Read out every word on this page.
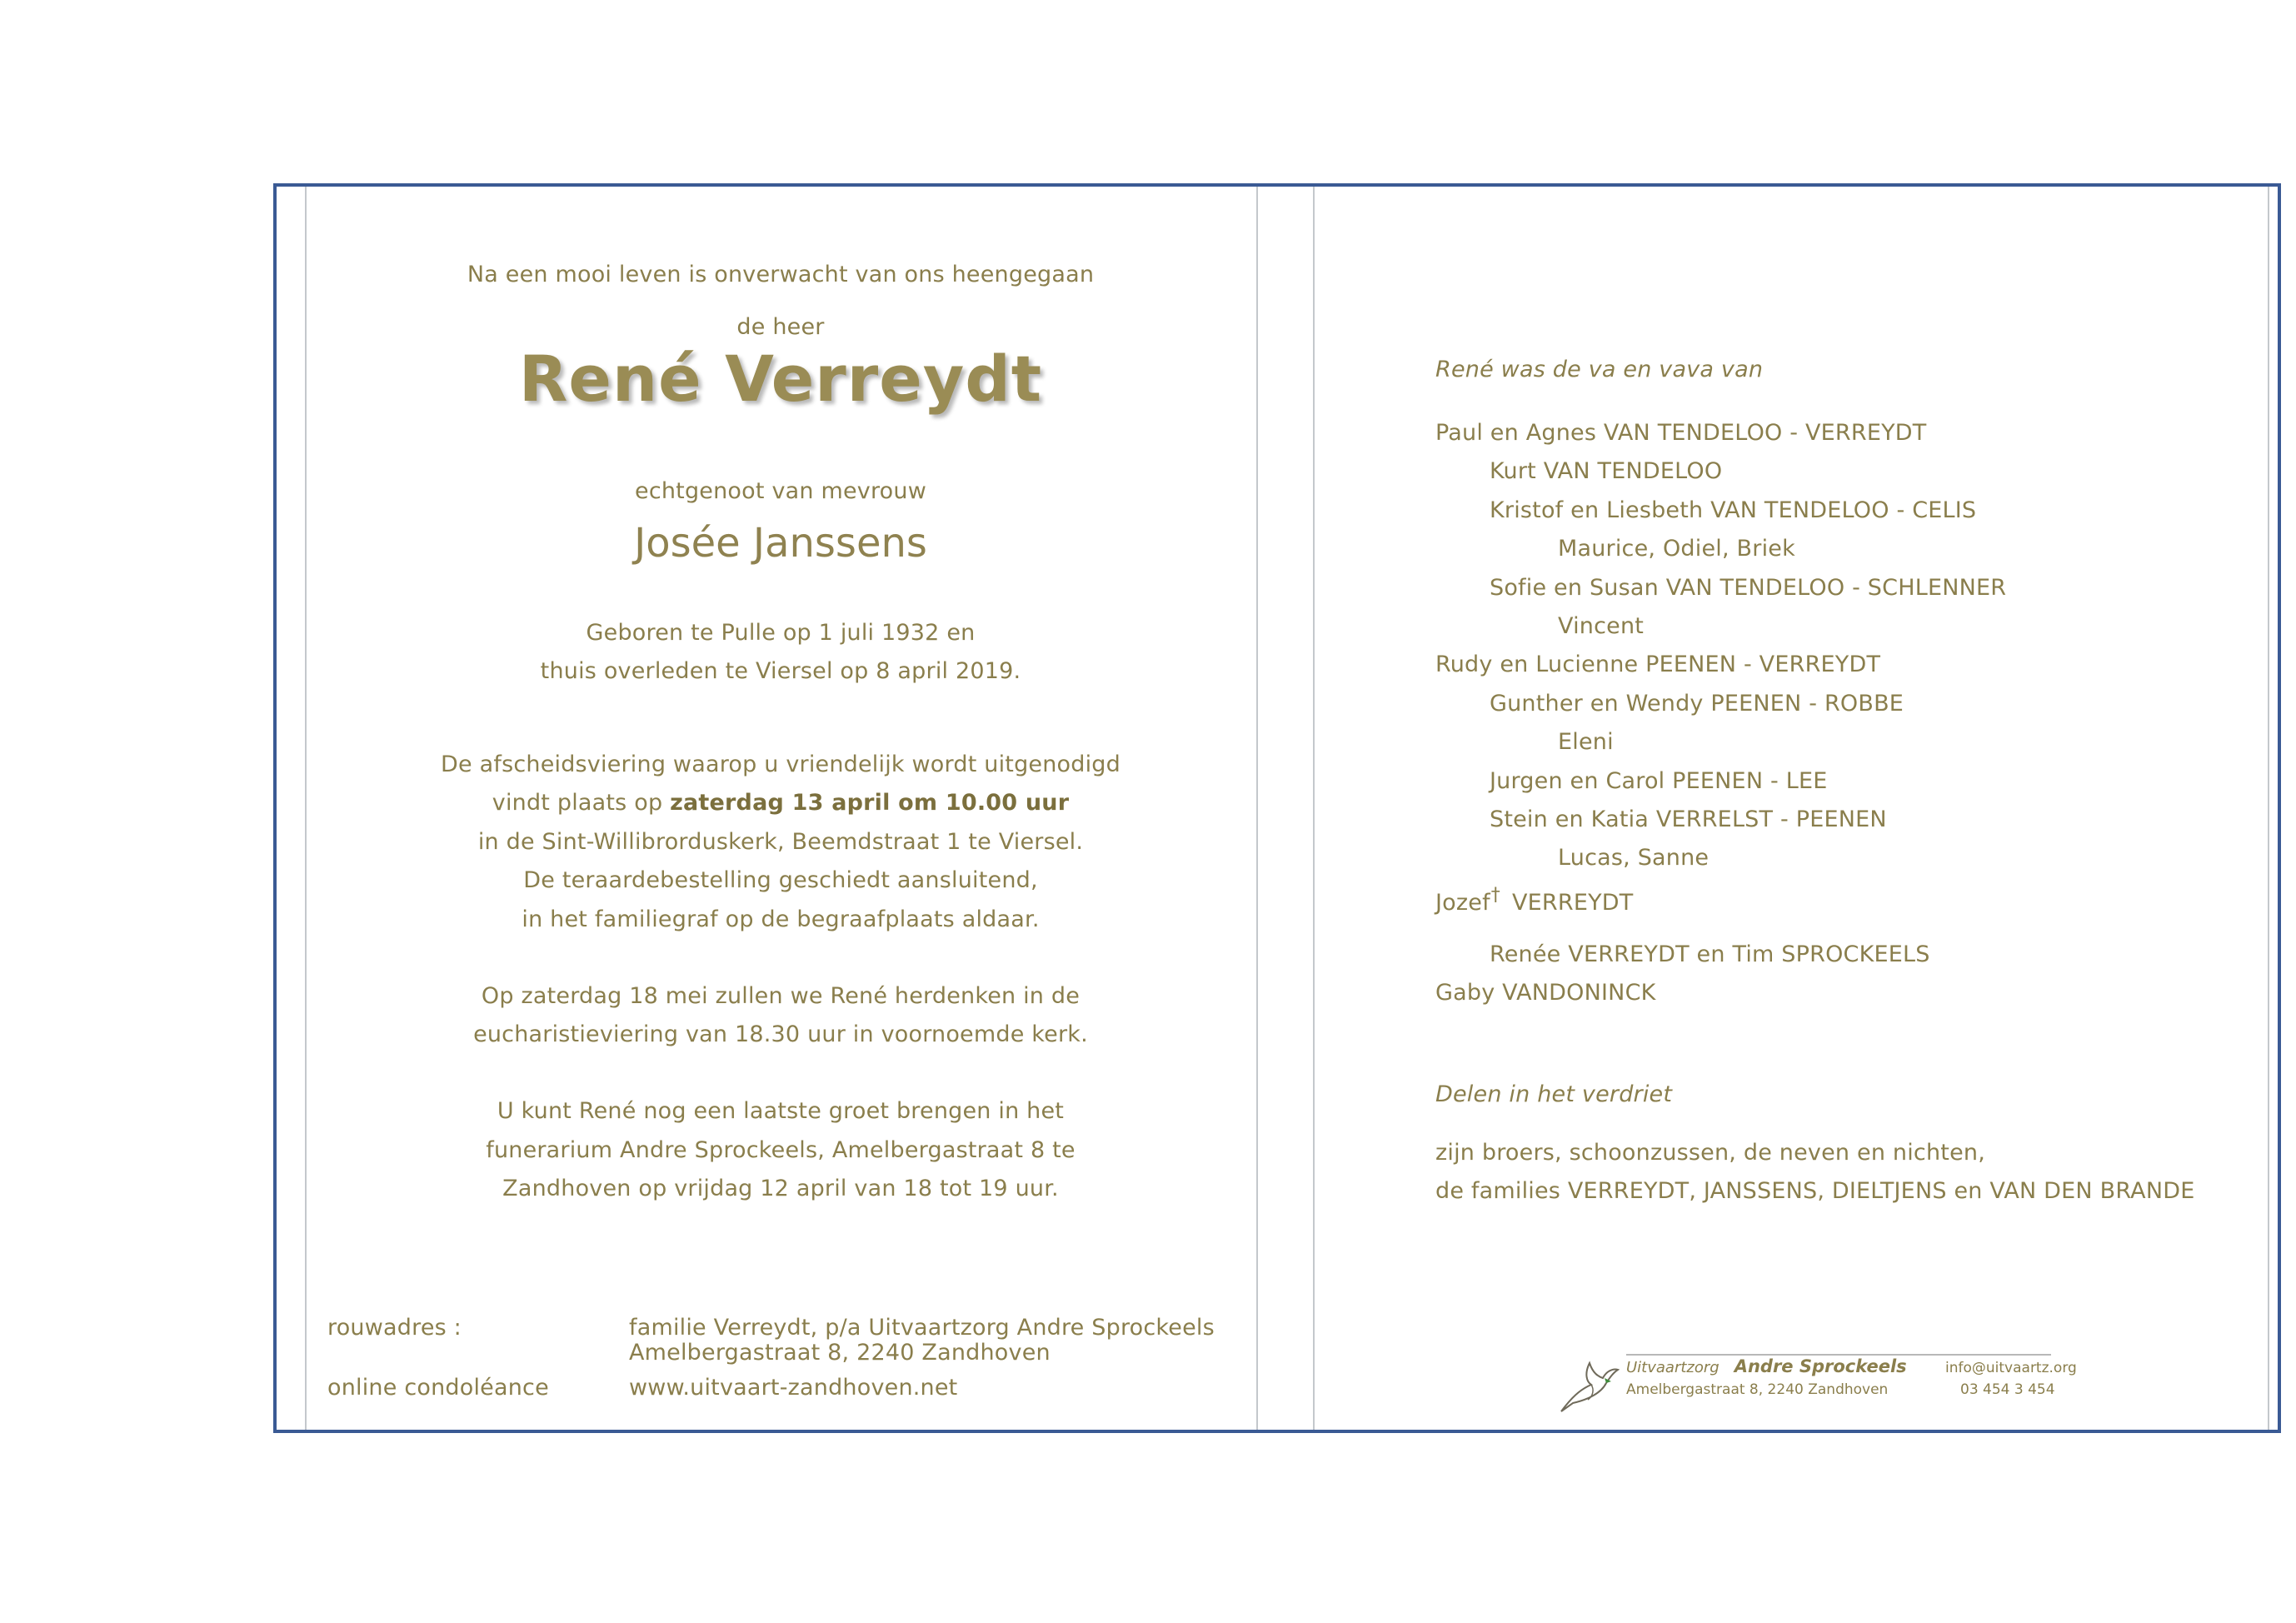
Na een mooi leven is onverwacht van ons heengegaan
de heer
René Verreydt
echtgenoot van mevrouw
Josée Janssens
Geboren te Pulle op 1 juli 1932 en
thuis overleden te Viersel op 8 april 2019.
De afscheidsviering waarop u vriendelijk wordt uitgenodigd
vindt plaats op zaterdag 13 april om 10.00 uur
in de Sint-Willibrorduskerk, Beemdstraat 1 te Viersel.
De teraardebestelling geschiedt aansluitend,
in het familiegraf op de begraafplaats aldaar.
Op zaterdag 18 mei zullen we René herdenken in de
eucharistieviering van 18.30 uur in voornoemde kerk.
U kunt René nog een laatste groet brengen in het
funerarium Andre Sprockeels, Amelbergastraat 8 te
Zandhoven op vrijdag 12 april van 18 tot 19 uur.
rouwadres :	familie Verreydt, p/a Uitvaartzorg Andre Sprockeels
Amelbergastraat 8, 2240 Zandhoven
online condoléance	www.uitvaart-zandhoven.net
René was de va en vava van
Paul en Agnes VAN TENDELOO - VERREYDT
Kurt VAN TENDELOO
Kristof en Liesbeth VAN TENDELOO - CELIS
Maurice, Odiel, Briek
Sofie en Susan VAN TENDELOO - SCHLENNER
Vincent
Rudy en Lucienne PEENEN - VERREYDT
Gunther en Wendy PEENEN - ROBBE
Eleni
Jurgen en Carol PEENEN - LEE
Stein en Katia VERRELST - PEENEN
Lucas, Sanne
Jozef† VERREYDT
Renée VERREYDT en Tim SPROCKEELS
Gaby VANDONINCK
Delen in het verdriet
zijn broers, schoonzussen, de neven en nichten,
de families VERREYDT, JANSSENS, DIELTJENS en VAN DEN BRANDE
Uitvaartzorg Andre Sprockeels	info@uitvaartz.org
Amelbergastraat 8, 2240 Zandhoven	03 454 3 454
